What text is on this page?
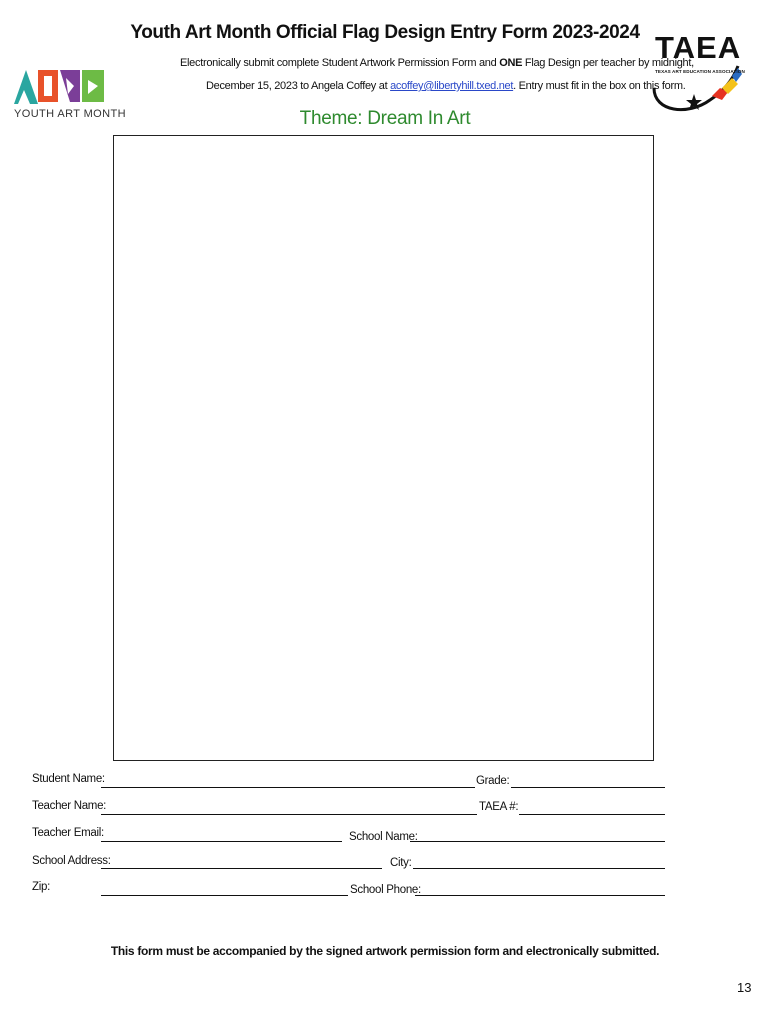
Youth Art Month Official Flag Design Entry Form 2023-2024
Electronically submit complete Student Artwork Permission Form and ONE Flag Design per teacher by midnight,
December 15, 2023 to Angela Coffey at acoffey@libertyhill.txed.net. Entry must fit in the box on this form.
Theme: Dream In Art
YOUTH ART MONTH
TAEA
TEXAS ART EDUCATION ASSOCIATION
Student Name:	Grade:
Teacher Name:	TAEA #:
Teacher Email:	School Name:
School Address:	City:
Zip:	School Phone:
This form must be accompanied by the signed artwork permission form and electronically submitted.
13
